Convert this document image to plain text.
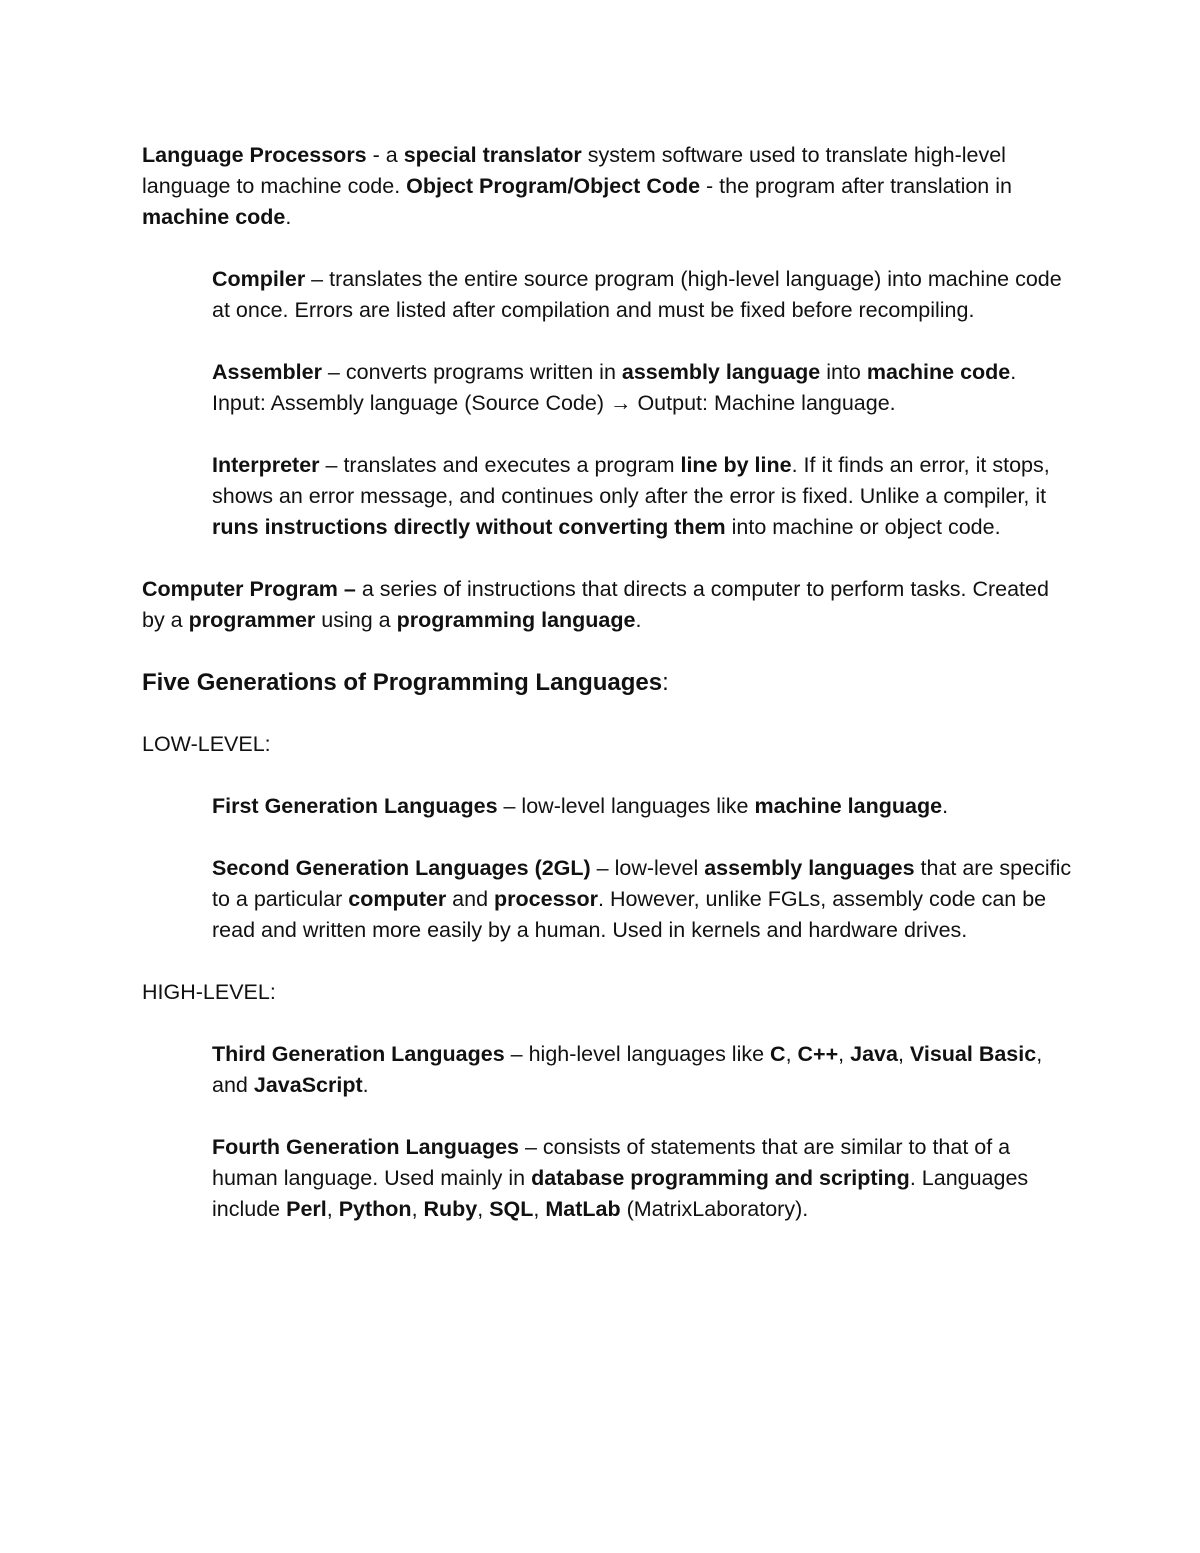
Language Processors - a special translator system software used to translate high-level language to machine code. Object Program/Object Code - the program after translation in machine code.

Compiler – translates the entire source program (high-level language) into machine code at once. Errors are listed after compilation and must be fixed before recompiling.

Assembler – converts programs written in assembly language into machine code. Input: Assembly language (Source Code) → Output: Machine language.

Interpreter – translates and executes a program line by line. If it finds an error, it stops, shows an error message, and continues only after the error is fixed. Unlike a compiler, it runs instructions directly without converting them into machine or object code.

Computer Program – a series of instructions that directs a computer to perform tasks. Created by a programmer using a programming language.

Five Generations of Programming Languages:

LOW-LEVEL:

First Generation Languages – low-level languages like machine language.

Second Generation Languages (2GL) – low-level assembly languages that are specific to a particular computer and processor. However, unlike FGLs, assembly code can be read and written more easily by a human. Used in kernels and hardware drives.

HIGH-LEVEL:

Third Generation Languages – high-level languages like C, C++, Java, Visual Basic, and JavaScript.

Fourth Generation Languages – consists of statements that are similar to that of a human language. Used mainly in database programming and scripting. Languages include Perl, Python, Ruby, SQL, MatLab (MatrixLaboratory).
